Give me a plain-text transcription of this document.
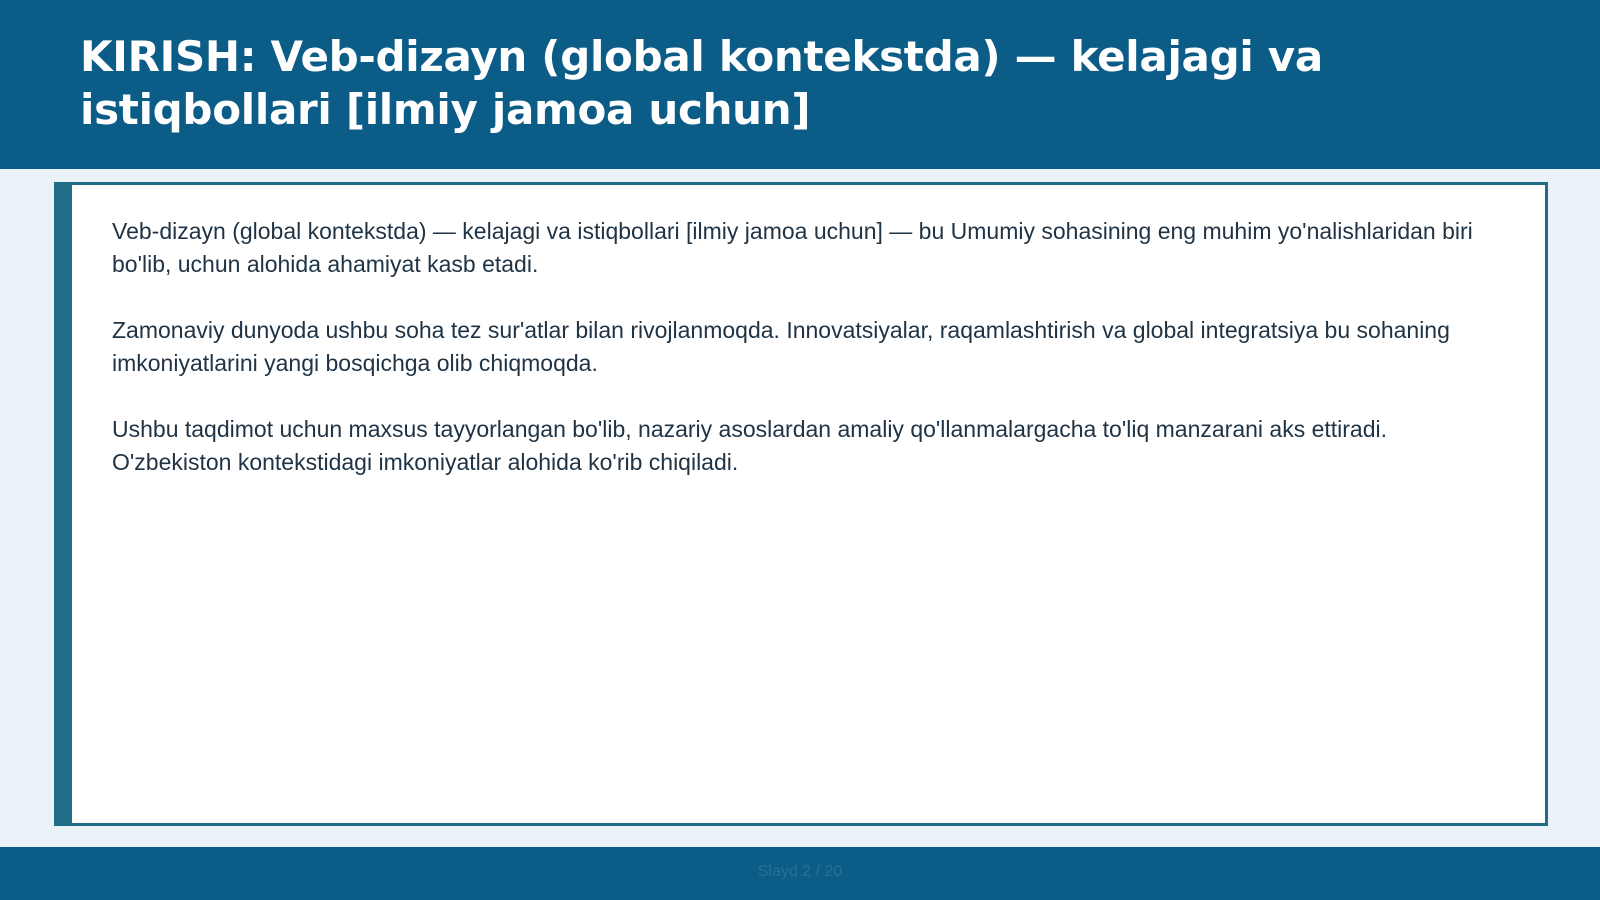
KIRISH: Veb-dizayn (global kontekstda) — kelajagi va istiqbollari [ilmiy jamoa uchun]

Veb-dizayn (global kontekstda) — kelajagi va istiqbollari [ilmiy jamoa uchun] — bu Umumiy sohasining eng muhim yo'nalishlaridan biri bo'lib, uchun alohida ahamiyat kasb etadi.

Zamonaviy dunyoda ushbu soha tez sur'atlar bilan rivojlanmoqda. Innovatsiyalar, raqamlashtirish va global integratsiya bu sohaning imkoniyatlarini yangi bosqichga olib chiqmoqda.

Ushbu taqdimot uchun maxsus tayyorlangan bo'lib, nazariy asoslardan amaliy qo'llanmalargacha to'liq manzarani aks ettiradi. O'zbekiston kontekstidagi imkoniyatlar alohida ko'rib chiqiladi.

Slayd 2 / 20
